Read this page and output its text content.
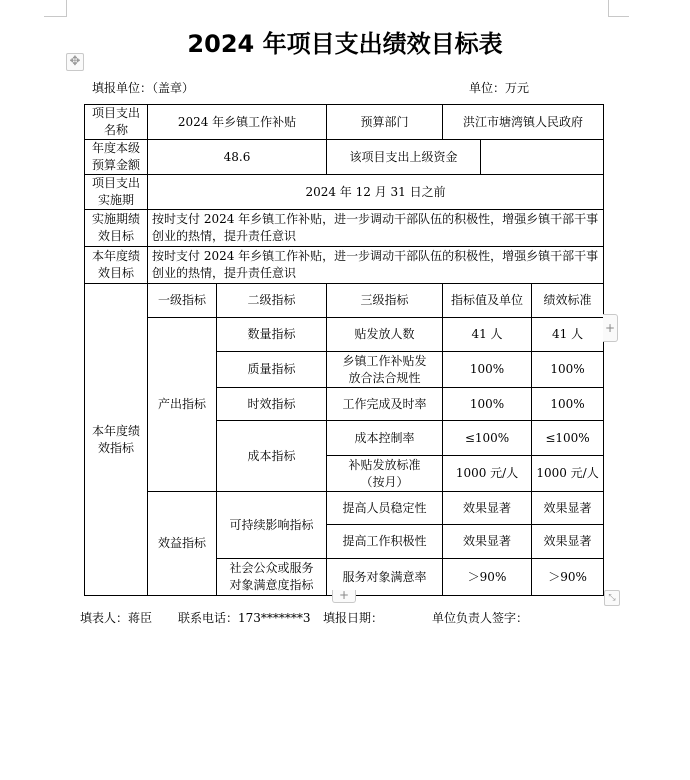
2024 年项目支出绩效目标表
✥
填报单位：（盖章）	单位：万元
项目支出名称	2024 年乡镇工作补贴		预算部门	洪江市塘湾镇人民政府		
年度本级预算金额	48.6		该项目支出上级资金			
项目支出实施期	2024 年 12 月 31 日之前					
实施期绩效目标	按时支付 2024 年乡镇工作补贴，进一步调动干部队伍的积极性，增强乡镇干部干事创业的热情，提升责任意识					
本年度绩效目标	按时支付 2024 年乡镇工作补贴，进一步调动干部队伍的积极性，增强乡镇干部干事创业的热情，提升责任意识					
本年度绩效指标	一级指标	二级指标	三级指标	指标值及单位		绩效标准
	产出指标	数量指标	贴发放人数	41 人		41 人
		质量指标	乡镇工作补贴发放合法合规性	100%		100%
		时效指标	工作完成及时率	100%		100%
		成本指标	成本控制率	≤100%		≤100%
			补贴发放标准（按月）	1000 元/人		1000 元/人
	效益指标	可持续影响指标	提高人员稳定性	效果显著		效果显著
			提高工作积极性	效果显著		效果显著
		社会公众或服务对象满意度指标	服务对象满意率	＞90%		＞90%
+
+	⤡
填表人：蒋臣 联系电话：173*******3 填报日期：	单位负责人签字：
